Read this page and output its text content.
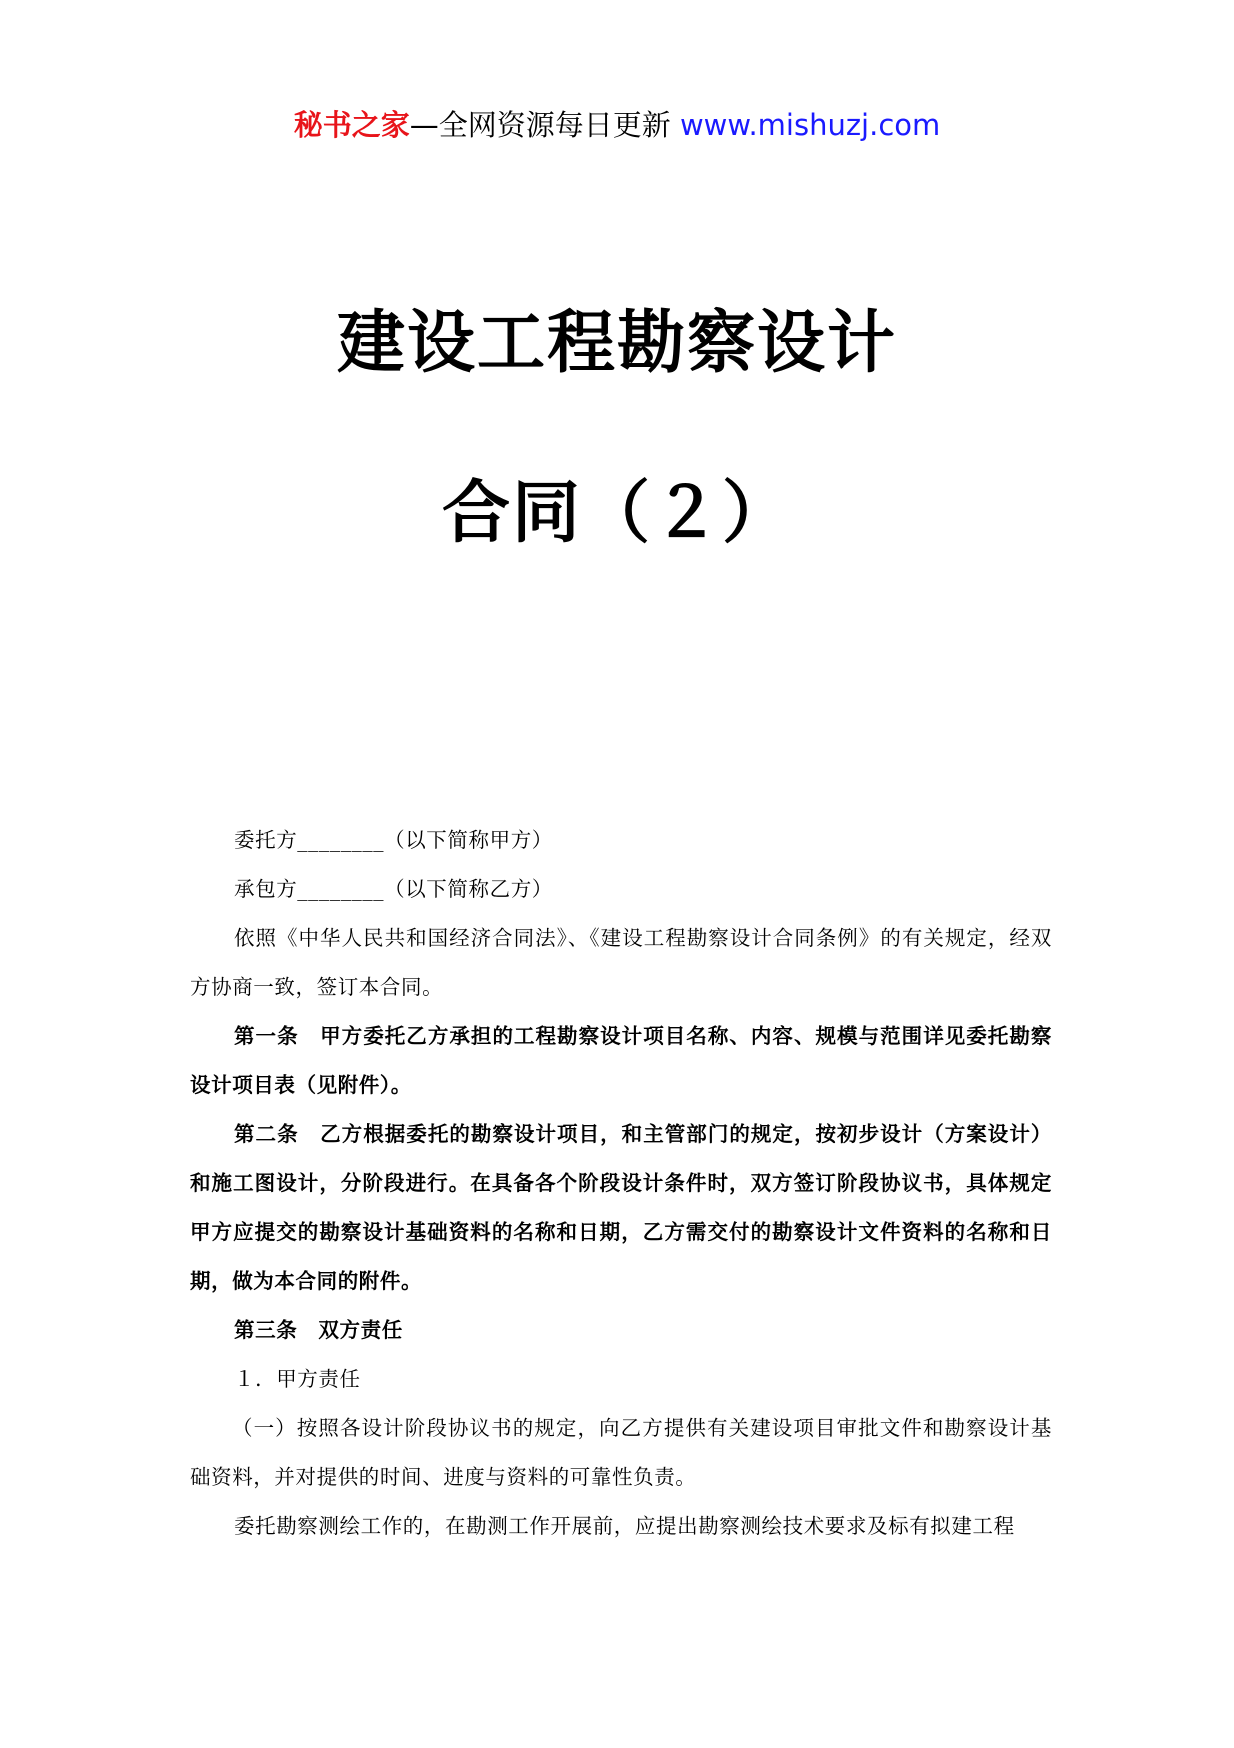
秘书之家—全网资源每日更新 www.mishuzj.com
建设工程勘察设计
合同（２）

委托方________（以下简称甲方）

承包方________（以下简称乙方）

依照《中华人民共和国经济合同法》、《建设工程勘察设计合同条例》的有关规定，经双方协商一致，签订本合同。

第一条　甲方委托乙方承担的工程勘察设计项目名称、内容、规模与范围详见委托勘察设计项目表（见附件）。

第二条　乙方根据委托的勘察设计项目，和主管部门的规定，按初步设计（方案设计）和施工图设计，分阶段进行。在具备各个阶段设计条件时，双方签订阶段协议书，具体规定甲方应提交的勘察设计基础资料的名称和日期，乙方需交付的勘察设计文件资料的名称和日期，做为本合同的附件。

第三条　双方责任

１．甲方责任

（一）按照各设计阶段协议书的规定，向乙方提供有关建设项目审批文件和勘察设计基础资料，并对提供的时间、进度与资料的可靠性负责。

委托勘察测绘工作的，在勘测工作开展前，应提出勘察测绘技术要求及标有拟建工程
